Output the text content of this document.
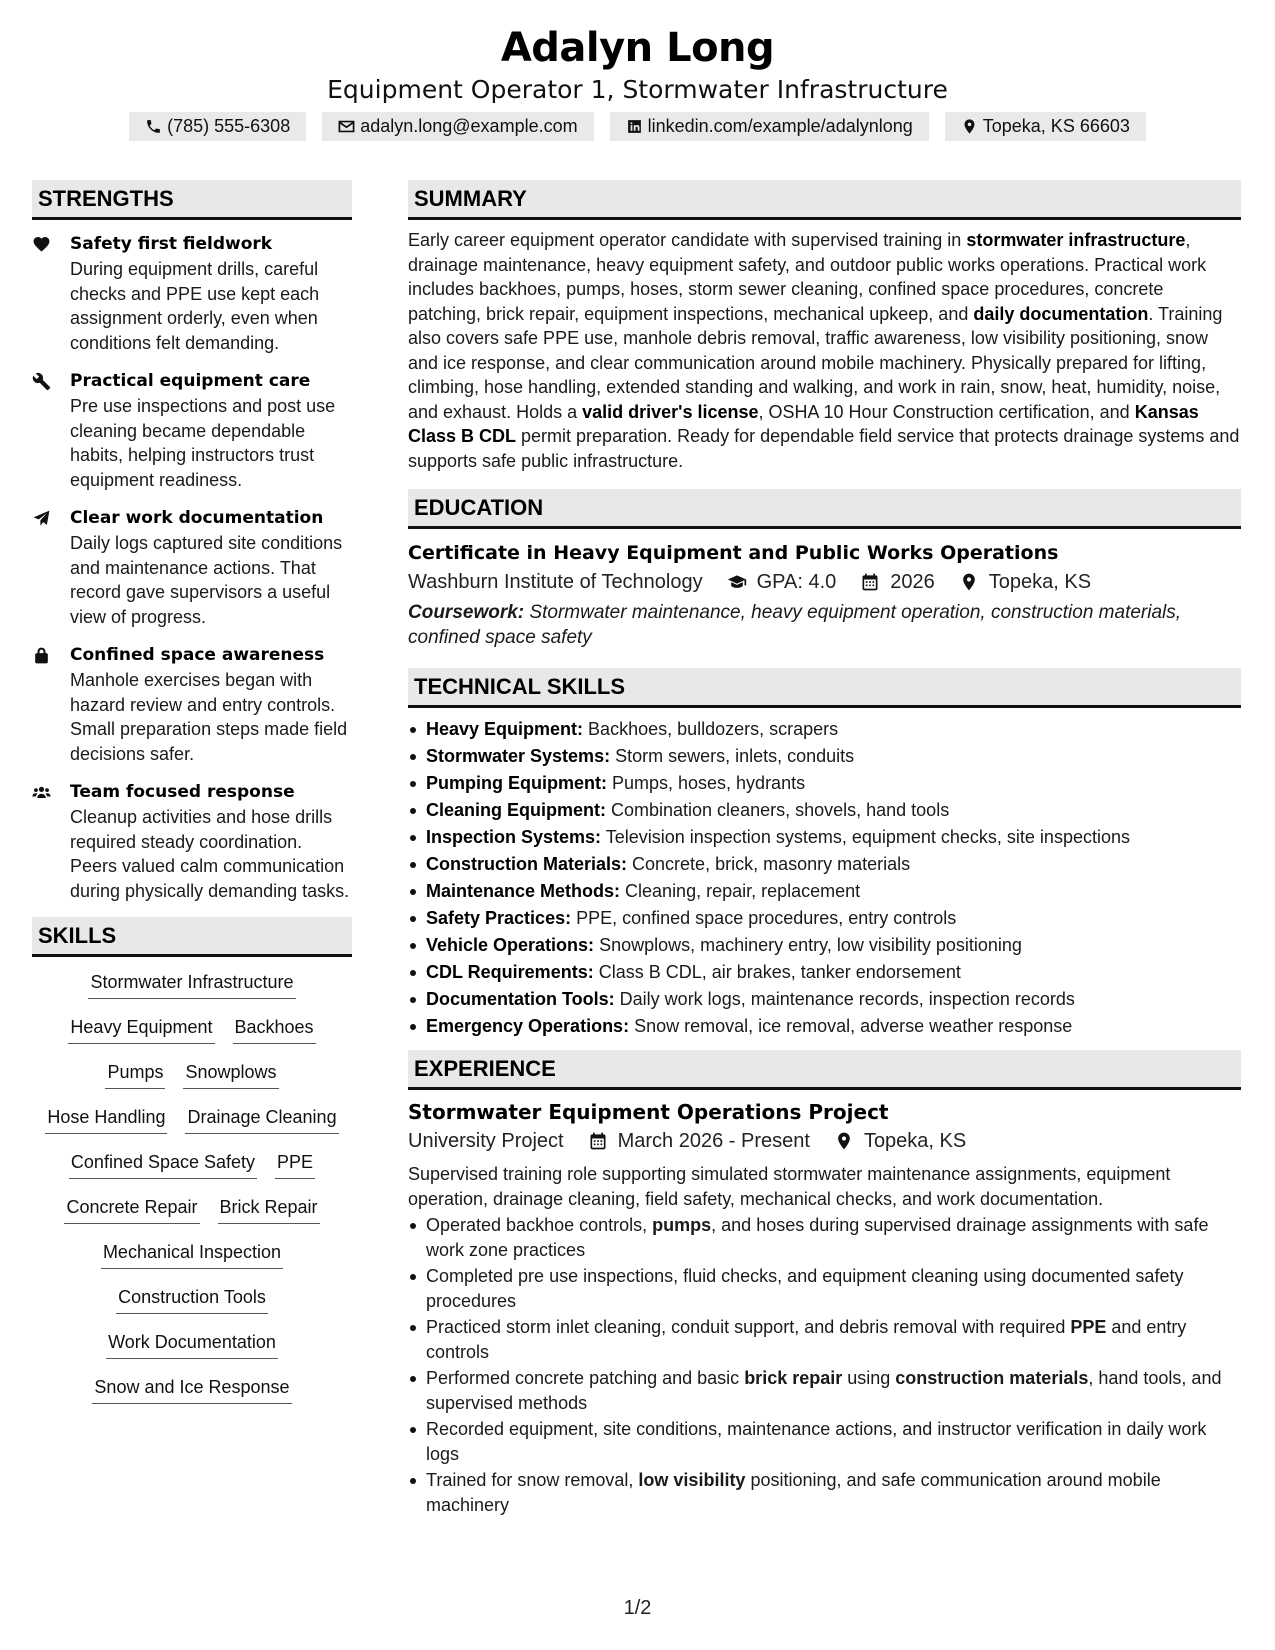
Adalyn Long
Equipment Operator 1, Stormwater Infrastructure
(785) 555-6308	adalyn.long@example.com	linkedin.com/example/adalynlong	Topeka, KS 66603
STRENGTHS
Safety first fieldwork
During equipment drills, careful checks and PPE use kept each assignment orderly, even when conditions felt demanding.
Practical equipment care
Pre use inspections and post use cleaning became dependable habits, helping instructors trust equipment readiness.
Clear work documentation
Daily logs captured site conditions and maintenance actions. That record gave supervisors a useful view of progress.
Confined space awareness
Manhole exercises began with hazard review and entry controls. Small preparation steps made field decisions safer.
Team focused response
Cleanup activities and hose drills required steady coordination. Peers valued calm communication during physically demanding tasks.
SKILLS
Stormwater Infrastructure
Heavy Equipment Backhoes
Pumps Snowplows
Hose Handling Drainage Cleaning
Confined Space Safety PPE
Concrete Repair Brick Repair
Mechanical Inspection
Construction Tools
Work Documentation
Snow and Ice Response
SUMMARY
Early career equipment operator candidate with supervised training in stormwater infrastructure, drainage maintenance, heavy equipment safety, and outdoor public works operations. Practical work includes backhoes, pumps, hoses, storm sewer cleaning, confined space procedures, concrete patching, brick repair, equipment inspections, mechanical upkeep, and daily documentation. Training also covers safe PPE use, manhole debris removal, traffic awareness, low visibility positioning, snow and ice response, and clear communication around mobile machinery. Physically prepared for lifting, climbing, hose handling, extended standing and walking, and work in rain, snow, heat, humidity, noise, and exhaust. Holds a valid driver's license, OSHA 10 Hour Construction certification, and Kansas Class B CDL permit preparation. Ready for dependable field service that protects drainage systems and supports safe public infrastructure.
EDUCATION
Certificate in Heavy Equipment and Public Works Operations
Washburn Institute of Technology	GPA: 4.0	2026	Topeka, KS
Coursework: Stormwater maintenance, heavy equipment operation, construction materials, confined space safety
TECHNICAL SKILLS
Heavy Equipment: Backhoes, bulldozers, scrapers
Stormwater Systems: Storm sewers, inlets, conduits
Pumping Equipment: Pumps, hoses, hydrants
Cleaning Equipment: Combination cleaners, shovels, hand tools
Inspection Systems: Television inspection systems, equipment checks, site inspections
Construction Materials: Concrete, brick, masonry materials
Maintenance Methods: Cleaning, repair, replacement
Safety Practices: PPE, confined space procedures, entry controls
Vehicle Operations: Snowplows, machinery entry, low visibility positioning
CDL Requirements: Class B CDL, air brakes, tanker endorsement
Documentation Tools: Daily work logs, maintenance records, inspection records
Emergency Operations: Snow removal, ice removal, adverse weather response
EXPERIENCE
Stormwater Equipment Operations Project
University Project	March 2026 - Present	Topeka, KS
Supervised training role supporting simulated stormwater maintenance assignments, equipment operation, drainage cleaning, field safety, mechanical checks, and work documentation.
Operated backhoe controls, pumps, and hoses during supervised drainage assignments with safe work zone practices
Completed pre use inspections, fluid checks, and equipment cleaning using documented safety procedures
Practiced storm inlet cleaning, conduit support, and debris removal with required PPE and entry controls
Performed concrete patching and basic brick repair using construction materials, hand tools, and supervised methods
Recorded equipment, site conditions, maintenance actions, and instructor verification in daily work logs
Trained for snow removal, low visibility positioning, and safe communication around mobile machinery
1/2
